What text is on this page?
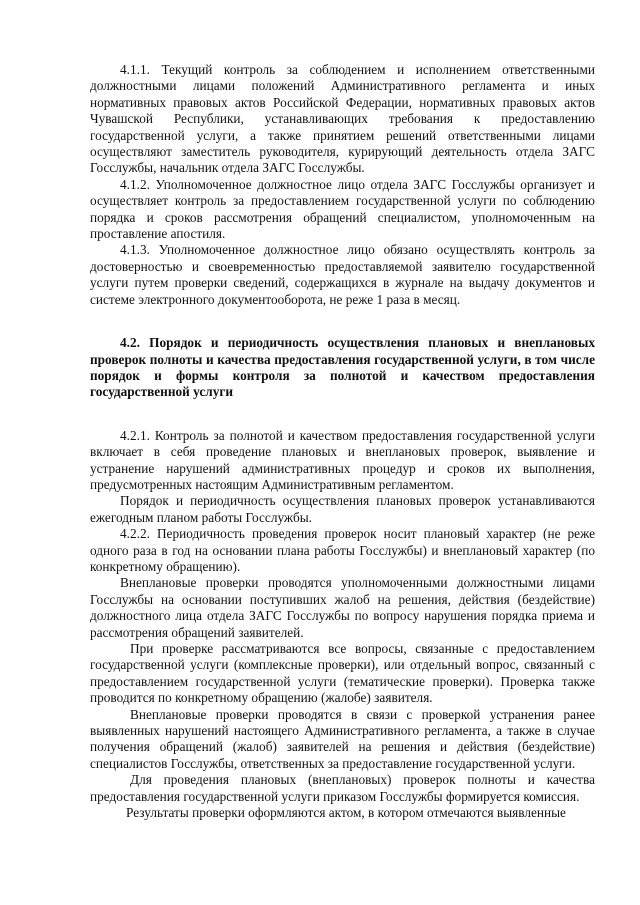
4.1.1. Текущий контроль за соблюдением и исполнением ответственными должностными лицами положений Административного регламента и иных нормативных правовых актов Российской Федерации, нормативных правовых актов Чувашской Республики, устанавливающих требования к предоставлению государственной услуги, а также принятием решений ответственными лицами осуществляют заместитель руководителя, курирующий деятельность отдела ЗАГС Госслужбы, начальник отдела ЗАГС Госслужбы.

4.1.2. Уполномоченное должностное лицо отдела ЗАГС Госслужбы организует и осуществляет контроль за предоставлением государственной услуги по соблюдению порядка и сроков рассмотрения обращений специалистом, уполномоченным на проставление апостиля.

4.1.3. Уполномоченное должностное лицо обязано осуществлять контроль за достоверностью и своевременностью предоставляемой заявителю государственной услуги путем проверки сведений, содержащихся в журнале на выдачу документов и системе электронного документооборота, не реже 1 раза в месяц.

4.2. Порядок и периодичность осуществления плановых и внеплановых проверок полноты и качества предоставления государственной услуги, в том числе порядок и формы контроля за полнотой и качеством предоставления государственной услуги

4.2.1. Контроль за полнотой и качеством предоставления государственной услуги включает в себя проведение плановых и внеплановых проверок, выявление и устранение нарушений административных процедур и сроков их выполнения, предусмотренных настоящим Административным регламентом.

Порядок и периодичность осуществления плановых проверок устанавливаются ежегодным планом работы Госслужбы.

4.2.2. Периодичность проведения проверок носит плановый характер (не реже одного раза в год на основании плана работы Госслужбы) и внеплановый характер (по конкретному обращению).

Внеплановые проверки проводятся уполномоченными должностными лицами Госслужбы на основании поступивших жалоб на решения, действия (бездействие) должностного лица отдела ЗАГС Госслужбы по вопросу нарушения порядка приема и рассмотрения обращений заявителей.

При проверке рассматриваются все вопросы, связанные с предоставлением государственной услуги (комплексные проверки), или отдельный вопрос, связанный с предоставлением государственной услуги (тематические проверки). Проверка также проводится по конкретному обращению (жалобе) заявителя.

Внеплановые проверки проводятся в связи с проверкой устранения ранее выявленных нарушений настоящего Административного регламента, а также в случае получения обращений (жалоб) заявителей на решения и действия (бездействие) специалистов Госслужбы, ответственных за предоставление государственной услуги.

Для проведения плановых (внеплановых) проверок полноты и качества предоставления государственной услуги приказом Госслужбы формируется комиссия.

Результаты проверки оформляются актом, в котором отмечаются выявленные
